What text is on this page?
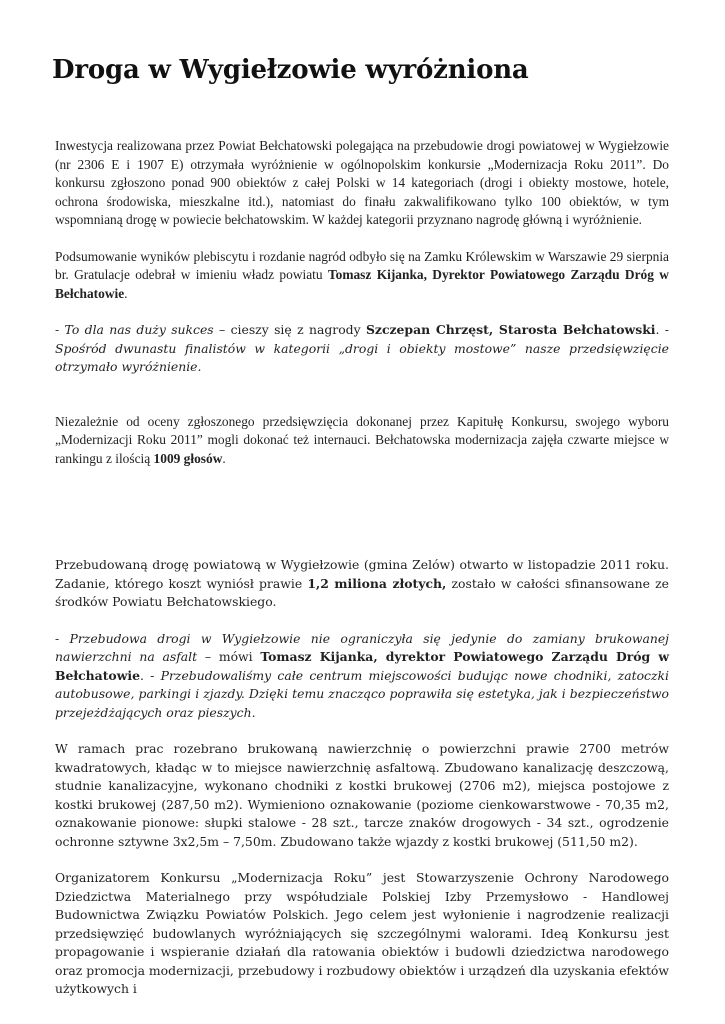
Droga w Wygiełzowie wyróżniona

Inwestycja realizowana przez Powiat Bełchatowski polegająca na przebudowie drogi powiatowej w Wygiełzowie (nr 2306 E i 1907 E) otrzymała wyróżnienie w ogólnopolskim konkursie „Modernizacja Roku 2011”. Do konkursu zgłoszono ponad 900 obiektów z całej Polski w 14 kategoriach (drogi i obiekty mostowe, hotele, ochrona środowiska, mieszkalne itd.), natomiast do finału zakwalifikowano tylko 100 obiektów, w tym wspomnianą drogę w powiecie bełchatowskim. W każdej kategorii przyznano nagrodę główną i wyróżnienie.

Podsumowanie wyników plebiscytu i rozdanie nagród odbyło się na Zamku Królewskim w Warszawie 29 sierpnia br. Gratulacje odebrał w imieniu władz powiatu Tomasz Kijanka, Dyrektor Powiatowego Zarządu Dróg w Bełchatowie.

- To dla nas duży sukces – cieszy się z nagrody Szczepan Chrzęst, Starosta Bełchatowski. - Spośród dwunastu finalistów w kategorii „drogi i obiekty mostowe” nasze przedsięwzięcie otrzymało wyróżnienie.

Niezależnie od oceny zgłoszonego przedsięwzięcia dokonanej przez Kapitułę Konkursu, swojego wyboru „Modernizacji Roku 2011” mogli dokonać też internauci. Bełchatowska modernizacja zajęła czwarte miejsce w rankingu z ilością 1009 głosów.

Przebudowaną drogę powiatową w Wygiełzowie (gmina Zelów) otwarto w listopadzie 2011 roku. Zadanie, którego koszt wyniósł prawie 1,2 miliona złotych, zostało w całości sfinansowane ze środków Powiatu Bełchatowskiego.

- Przebudowa drogi w Wygiełzowie nie ograniczyła się jedynie do zamiany brukowanej nawierzchni na asfalt – mówi Tomasz Kijanka, dyrektor Powiatowego Zarządu Dróg w Bełchatowie. - Przebudowaliśmy całe centrum miejscowości budując nowe chodniki, zatoczki autobusowe, parkingi i zjazdy. Dzięki temu znacząco poprawiła się estetyka, jak i bezpieczeństwo przejeżdżających oraz pieszych.

W ramach prac rozebrano brukowaną nawierzchnię o powierzchni prawie 2700 metrów kwadratowych, kładąc w to miejsce nawierzchnię asfaltową. Zbudowano kanalizację deszczową, studnie kanalizacyjne, wykonano chodniki z kostki brukowej (2706 m2), miejsca postojowe z kostki brukowej (287,50 m2). Wymieniono oznakowanie (poziome cienkowarstwowe - 70,35 m2, oznakowanie pionowe: słupki stalowe - 28 szt., tarcze znaków drogowych - 34 szt., ogrodzenie ochronne sztywne 3x2,5m – 7,50m. Zbudowano także wjazdy z kostki brukowej (511,50 m2).

Organizatorem Konkursu „Modernizacja Roku” jest Stowarzyszenie Ochrony Narodowego Dziedzictwa Materialnego przy współudziale Polskiej Izby Przemysłowo - Handlowej Budownictwa Związku Powiatów Polskich. Jego celem jest wyłonienie i nagrodzenie realizacji przedsięwzięć budowlanych wyróżniających się szczególnymi walorami. Ideą Konkursu jest propagowanie i wspieranie działań dla ratowania obiektów i budowli dziedzictwa narodowego oraz promocja modernizacji, przebudowy i rozbudowy obiektów i urządzeń dla uzyskania efektów użytkowych i
